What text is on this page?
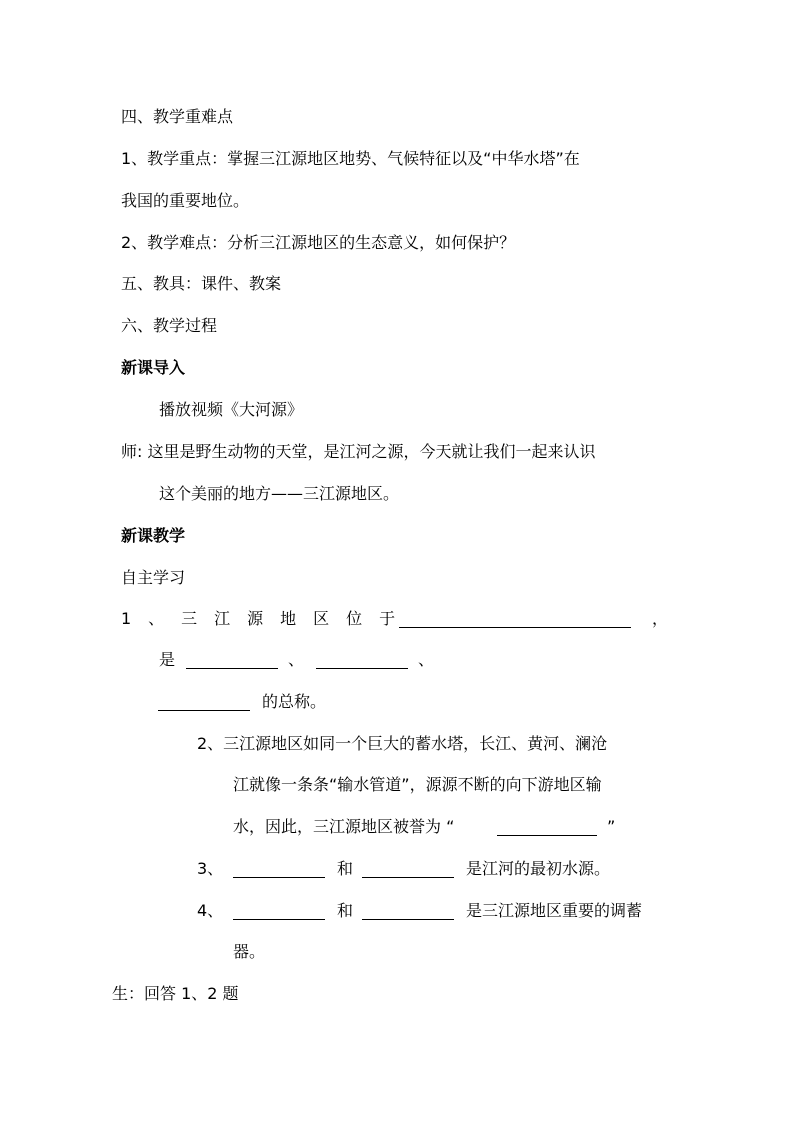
四、教学重难点
1、教学重点：掌握三江源地区地势、气候特征以及“中华水塔”在
我国的重要地位。
2、教学难点：分析三江源地区的生态意义，如何保护？
五、教具：课件、教案
六、教学过程
新课导入
播放视频《大河源》
师: 这里是野生动物的天堂，是江河之源，今天就让我们一起来认识
这个美丽的地方——三江源地区。
新课教学
自主学习
1、三江源地区位于	，
是	、	、
的总称。
2、三江源地区如同一个巨大的蓄水塔，长江、黄河、澜沧
江就像一条条“输水管道”，源源不断的向下游地区输
水，因此，三江源地区被誉为 “	”
3、	和	是江河的最初水源。
4、	和	是三江源地区重要的调蓄
器。
生：回答 1、2 题
